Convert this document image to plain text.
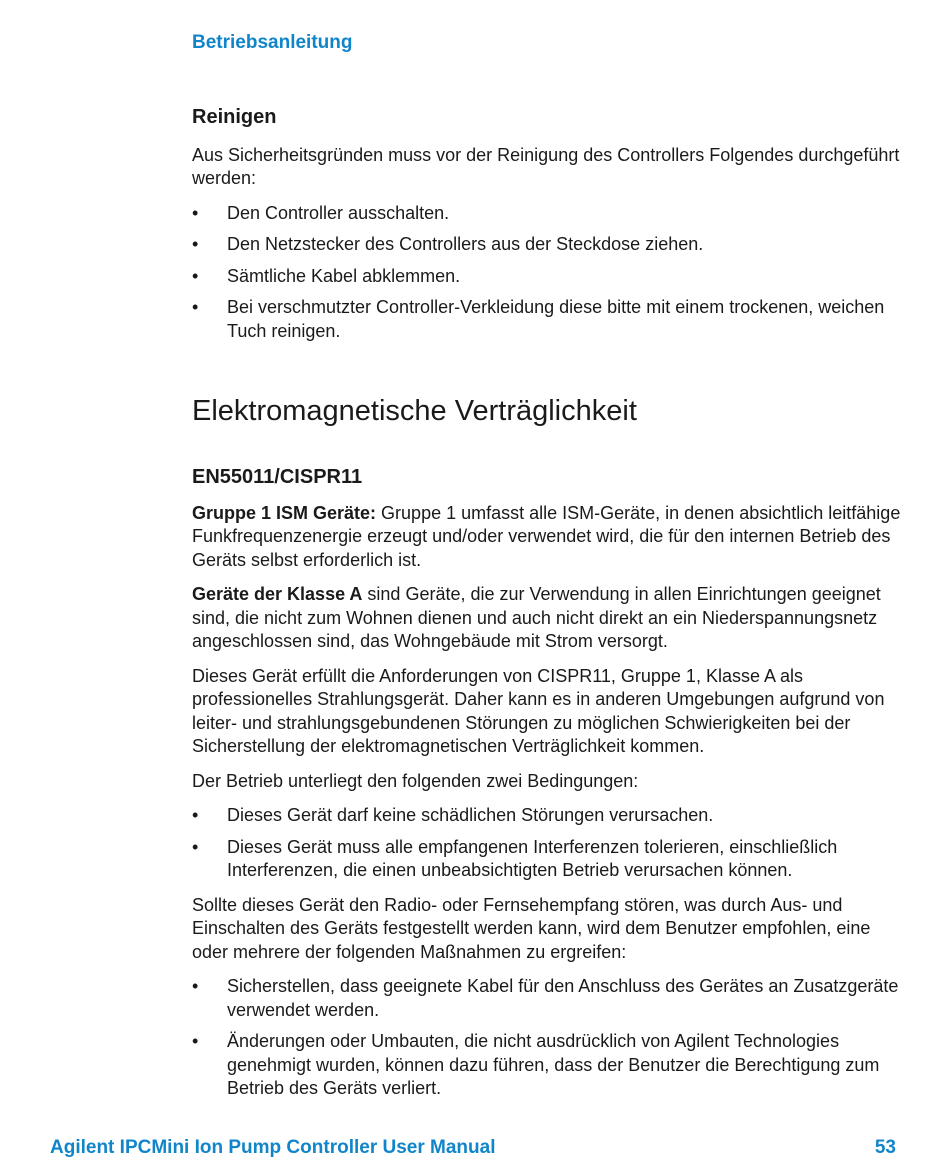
Betriebsanleitung
Reinigen

Aus Sicherheitsgründen muss vor der Reinigung des Controllers Folgendes durchgeführt werden:

•	Den Controller ausschalten.
•	Den Netzstecker des Controllers aus der Steckdose ziehen.
•	Sämtliche Kabel abklemmen.
•	Bei verschmutzter Controller-Verkleidung diese bitte mit einem trockenen, weichen Tuch reinigen.
Elektromagnetische Verträglichkeit
EN55011/CISPR11

Gruppe 1 ISM Geräte: Gruppe 1 umfasst alle ISM-Geräte, in denen absichtlich leitfähige Funkfrequenzenergie erzeugt und/oder verwendet wird, die für den internen Betrieb des Geräts selbst erforderlich ist.

Geräte der Klasse A sind Geräte, die zur Verwendung in allen Einrichtungen geeignet sind, die nicht zum Wohnen dienen und auch nicht direkt an ein Niederspannungsnetz angeschlossen sind, das Wohngebäude mit Strom versorgt.

Dieses Gerät erfüllt die Anforderungen von CISPR11, Gruppe 1, Klasse A als professionelles Strahlungsgerät. Daher kann es in anderen Umgebungen aufgrund von leiter- und strahlungsgebundenen Störungen zu möglichen Schwierigkeiten bei der Sicherstellung der elektromagnetischen Verträglichkeit kommen.

Der Betrieb unterliegt den folgenden zwei Bedingungen:

•	Dieses Gerät darf keine schädlichen Störungen verursachen.
•	Dieses Gerät muss alle empfangenen Interferenzen tolerieren, einschließlich Interferenzen, die einen unbeabsichtigten Betrieb verursachen können.

Sollte dieses Gerät den Radio- oder Fernsehempfang stören, was durch Aus- und Einschalten des Geräts festgestellt werden kann, wird dem Benutzer empfohlen, eine oder mehrere der folgenden Maßnahmen zu ergreifen:

•	Sicherstellen, dass geeignete Kabel für den Anschluss des Gerätes an Zusatzgeräte verwendet werden.
•	Änderungen oder Umbauten, die nicht ausdrücklich von Agilent Technologies genehmigt wurden, können dazu führen, dass der Benutzer die Berechtigung zum Betrieb des Geräts verliert.
Agilent IPCMini Ion Pump Controller User Manual	53
